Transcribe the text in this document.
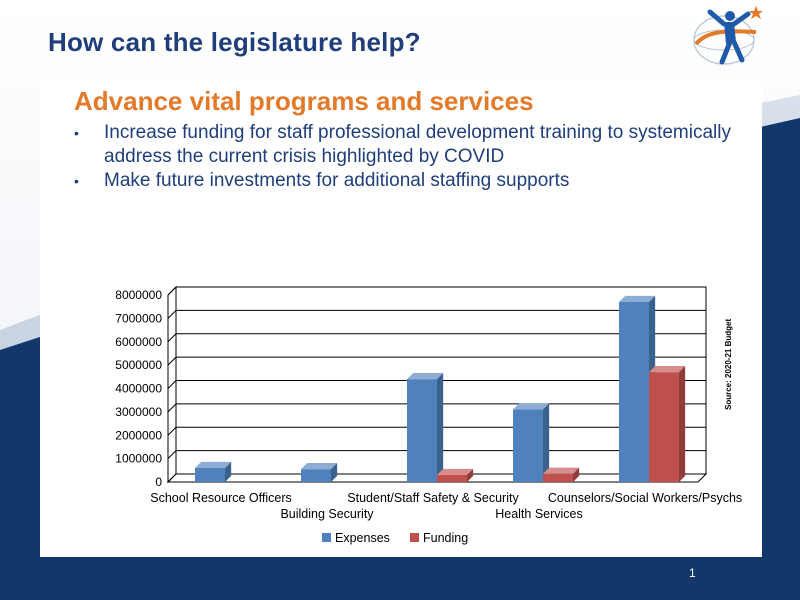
How can the legislature help?
Advance vital programs and services
• Increase funding for staff professional development training to systemically address the current crisis highlighted by COVID
• Make future investments for additional staffing supports
0
1000000
2000000
3000000
4000000
5000000
6000000
7000000
8000000
School Resource Officers
Building Security
Student/Staff Safety & Security
Health Services
Counselors/Social Workers/Psychs
Expenses	Funding
Source: 2020-21 Budget
1
